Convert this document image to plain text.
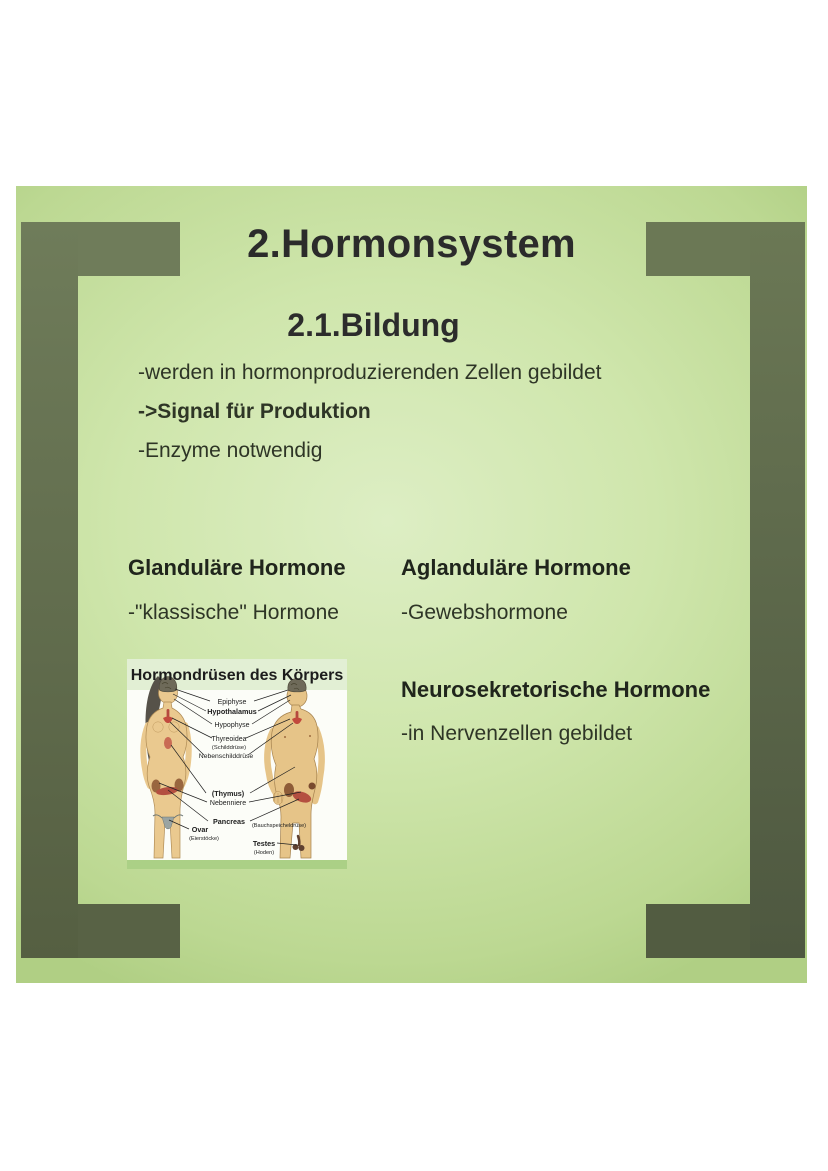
2.Hormonsystem
2.1.Bildung

-werden in hormonproduzierenden Zellen gebildet

->Signal für Produktion

-Enzyme notwendig

Glanduläre Hormone
-"klassische" Hormone
Aglanduläre Hormone
-Gewebshormone
Neurosekretorische Hormone
-in Nervenzellen gebildet
Hormondrüsen des Körpers
Epiphyse
Hypothalamus
Hypophyse
Thyreoidea
(Schilddrüse)
Nebenschilddrüse
(Thymus)
Nebenniere
Pancreas (Bauchspeicheldrüse)
Ovar
(Eierstöcke)	Testes
(Hoden)
